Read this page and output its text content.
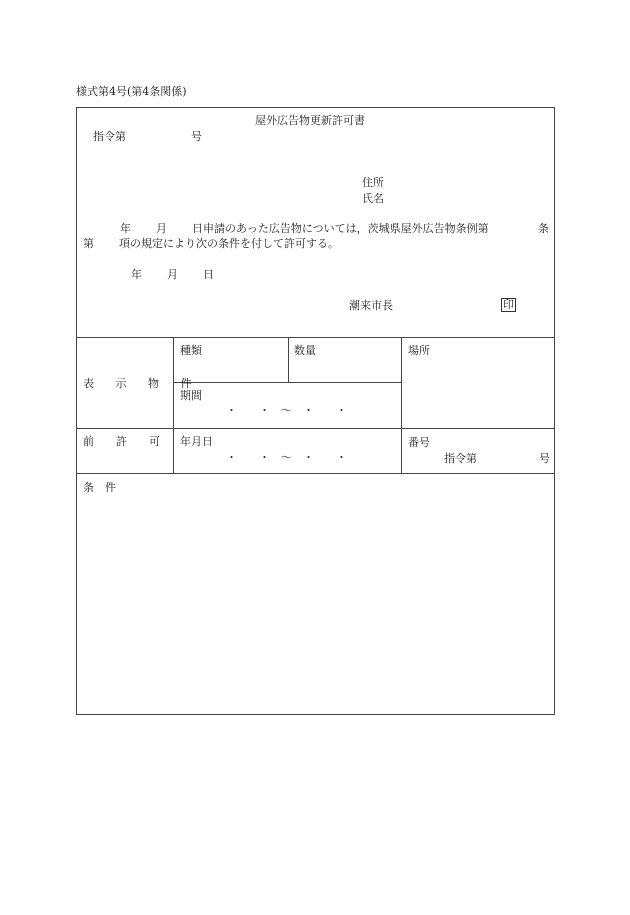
様式第4号(第4条関係)
屋外広告物更新許可書
指令第	号
住所
氏名
年 月 日申請のあった広告物については，茨城県屋外広告物条例第	条
第 項の規定により次の条件を付して許可する。
年 月 日
潮来市長	印
表 示 物 件
種類	数量	場所
期間
・　　・　～　・　　・
前　　許　　可 年月日
・　　・　～　・　　・
番号
指令第	号
条　件
